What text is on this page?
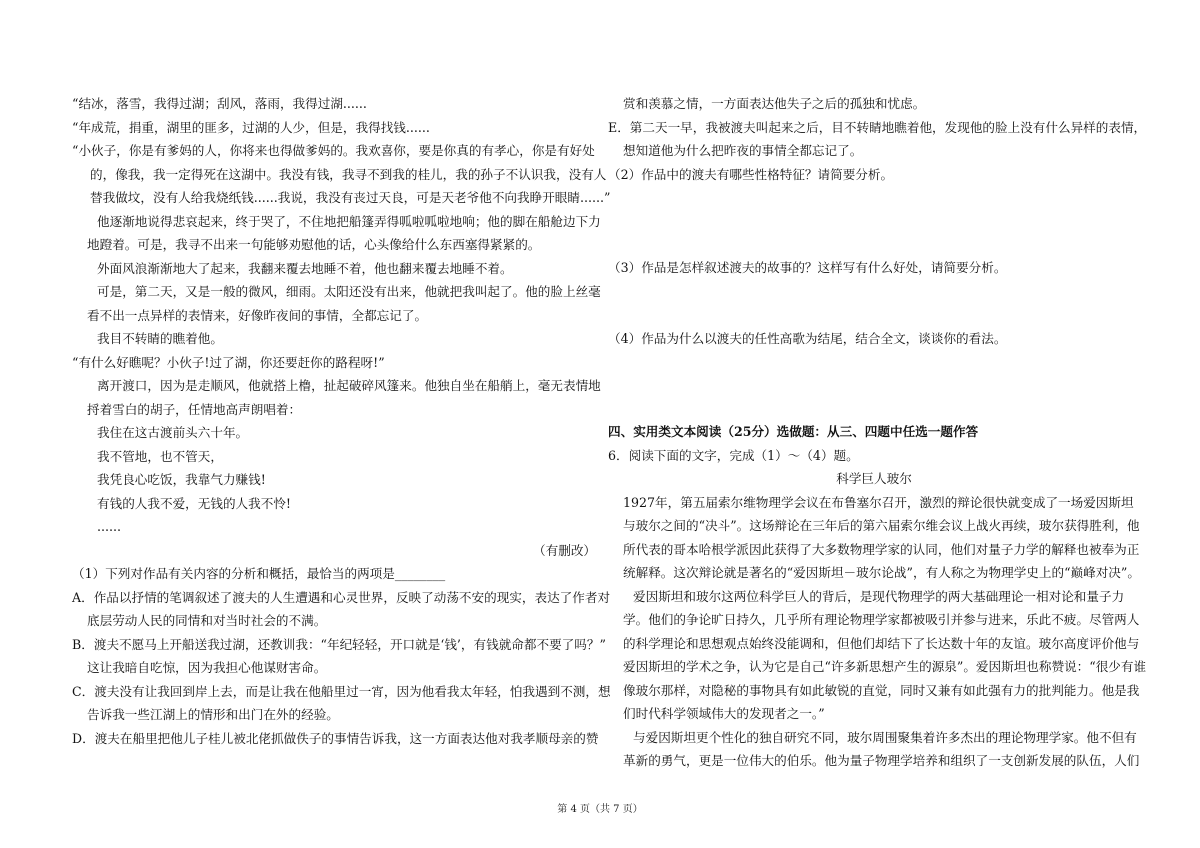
“结冰，落雪，我得过湖；刮风，落雨，我得过湖......
“年成荒，捐重，湖里的匪多，过湖的人少，但是，我得找钱......
“小伙子，你是有爹妈的人，你将来也得做爹妈的。我欢喜你，要是你真的有孝心，你是有好处
的，像我，我一定得死在这湖中。我没有钱，我寻不到我的桂儿，我的孙子不认识我，没有人
替我做坟，没有人给我烧纸钱......我说，我没有丧过天良，可是天老爷他不向我睁开眼睛......”
他逐渐地说得悲哀起来，终于哭了，不住地把船篷弄得呱啦呱啦地响；他的脚在船舱边下力
地蹬着。可是，我寻不出来一句能够劝慰他的话，心头像给什么东西塞得紧紧的。
外面风浪渐渐地大了起来，我翻来覆去地睡不着，他也翻来覆去地睡不着。
可是，第二天，又是一般的微风，细雨。太阳还没有出来，他就把我叫起了。他的脸上丝毫
看不出一点异样的表情来，好像昨夜间的事情，全都忘记了。
我目不转睛的瞧着他。
“有什么好瞧呢？小伙子!过了湖，你还要赶你的路程呀!”
离开渡口，因为是走顺风，他就搭上橹，扯起破碎风篷来。他独自坐在船艄上，毫无表情地
捋着雪白的胡子，任情地高声朗唱着：
我住在这古渡前头六十年。
我不管地，也不管天，
我凭良心吃饭，我靠气力赚钱!
有钱的人我不爱，无钱的人我不怜!
......
（有删改）
（1）下列对作品有关内容的分析和概括，最恰当的两项是________
A．作品以抒情的笔调叙述了渡夫的人生遭遇和心灵世界，反映了动荡不安的现实，表达了作者对
底层劳动人民的同情和对当时社会的不满。
B．渡夫不愿马上开船送我过湖，还教训我：“年纪轻轻，开口就是‘钱’，有钱就命都不要了吗？”
这让我暗自吃惊，因为我担心他谋财害命。
C．渡夫没有让我回到岸上去，而是让我在他船里过一宵，因为他看我太年轻，怕我遇到不测，想
告诉我一些江湖上的情形和出门在外的经验。
D．渡夫在船里把他儿子桂儿被北佬抓做佚子的事情告诉我，这一方面表达他对我孝顺母亲的赞
赏和羡慕之情，一方面表达他失子之后的孤独和忧虑。
E．第二天一早，我被渡夫叫起来之后，目不转睛地瞧着他，发现他的脸上没有什么异样的表情，
想知道他为什么把昨夜的事情全都忘记了。
（2）作品中的渡夫有哪些性格特征？请简要分析。
（3）作品是怎样叙述渡夫的故事的？这样写有什么好处，请简要分析。
（4）作品为什么以渡夫的任性高歌为结尾，结合全文，谈谈你的看法。
四、实用类文本阅读（25分）选做题：从三、四题中任选一题作答
6．阅读下面的文字，完成（1）～（4）题。
科学巨人玻尔
1927年，第五届索尔维物理学会议在布鲁塞尔召开，激烈的辩论很快就变成了一场爱因斯坦
与玻尔之间的“决斗”。这场辩论在三年后的第六届索尔维会议上战火再续，玻尔获得胜利，他
所代表的哥本哈根学派因此获得了大多数物理学家的认同，他们对量子力学的解释也被奉为正
统解释。这次辩论就是著名的“爱因斯坦－玻尔论战”，有人称之为物理学史上的“巅峰对决”。
爱因斯坦和玻尔这两位科学巨人的背后，是现代物理学的两大基础理论一相对论和量子力
学。他们的争论旷日持久，几乎所有理论物理学家都被吸引并参与进来，乐此不疲。尽管两人
的科学理论和思想观点始终没能调和，但他们却结下了长达数十年的友谊。玻尔高度评价他与
爱因斯坦的学术之争，认为它是自己“许多新思想产生的源泉”。爱因斯坦也称赞说：“很少有谁
像玻尔那样，对隐秘的事物具有如此敏锐的直觉，同时又兼有如此强有力的批判能力。他是我
们时代科学领域伟大的发现者之一。”
与爱因斯坦更个性化的独自研究不同，玻尔周围聚集着许多杰出的理论物理学家。他不但有
革新的勇气，更是一位伟大的伯乐。他为量子物理学培养和组织了一支创新发展的队伍，人们
第 4 页（共 7 页）
